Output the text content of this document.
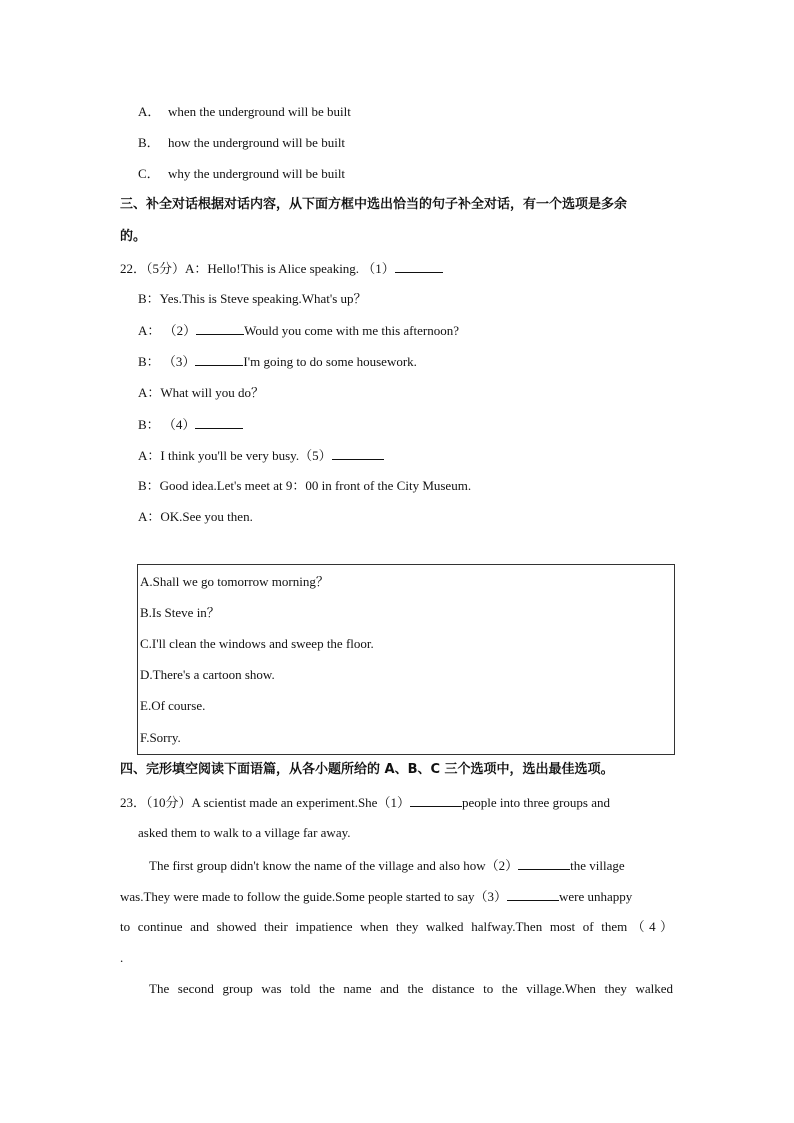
A． when the underground will be built
B． how the underground will be built
C． why the underground will be built
三、补全对话根据对话内容，从下面方框中选出恰当的句子补全对话，有一个选项是多余
的。
22．（5分）A：Hello!This is Alice speaking. （1）
B：Yes.This is Steve speaking.What's up？
A： （2）	Would you come with me this afternoon?
B： （3）	I'm going to do some housework.
A：What will you do？
B： （4）
A：I think you'll be very busy.（5）
B：Good idea.Let's meet at 9：00 in front of the City Museum.
A：OK.See you then.
A.Shall we go tomorrow morning？
B.Is Steve in？
C.I'll clean the windows and sweep the floor.
D.There's a cartoon show.
E.Of course.
F.Sorry.
四、完形填空阅读下面语篇，从各小题所给的 A、B、C 三个选项中，选出最佳选项。
23．（10分）A scientist made an experiment.She（1）	people into three groups and
asked them to walk to a village far away.
The first group didn't know the name of the village and also how（2）	the village
was.They were made to follow the guide.Some people started to say（3）	were unhappy
to continue and showed their impatience when they walked halfway.Then most of them（4）
.
The second group was told the name and the distance to the village.When they walked
